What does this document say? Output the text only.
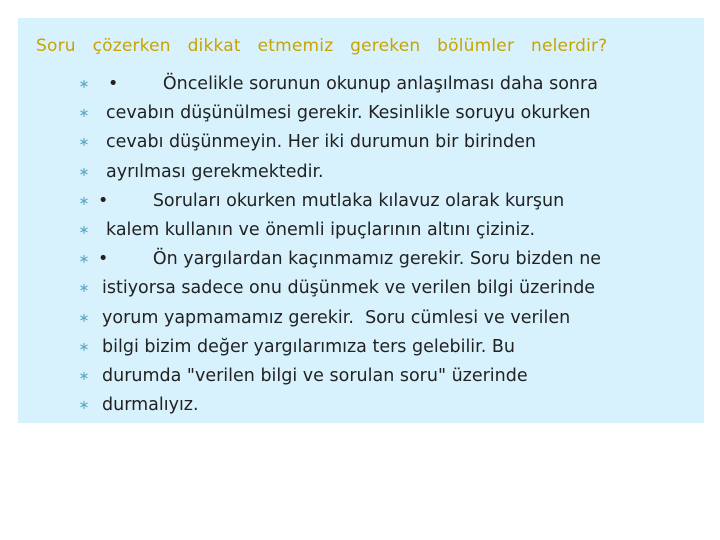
Soru   çözerken   dikkat   etmemiz   gereken   bölümler   nelerdir?
∗ •        Öncelikle sorunun okunup anlaşılması daha sonra
∗ cevabın düşünülmesi gerekir. Kesinlikle soruyu okurken
∗ cevabı düşünmeyin. Her iki durumun bir birinden
∗ ayrılması gerekmektedir.
∗ •        Soruları okurken mutlaka kılavuz olarak kurşun
∗ kalem kullanın ve önemli ipuçlarının altını çiziniz.
∗ •        Ön yargılardan kaçınmamız gerekir. Soru bizden ne
∗ istiyorsa sadece onu düşünmek ve verilen bilgi üzerinde
∗ yorum yapmamamız gerekir.  Soru cümlesi ve verilen
∗ bilgi bizim değer yargılarımıza ters gelebilir. Bu
∗ durumda "verilen bilgi ve sorulan soru" üzerinde
∗ durmalıyız.
